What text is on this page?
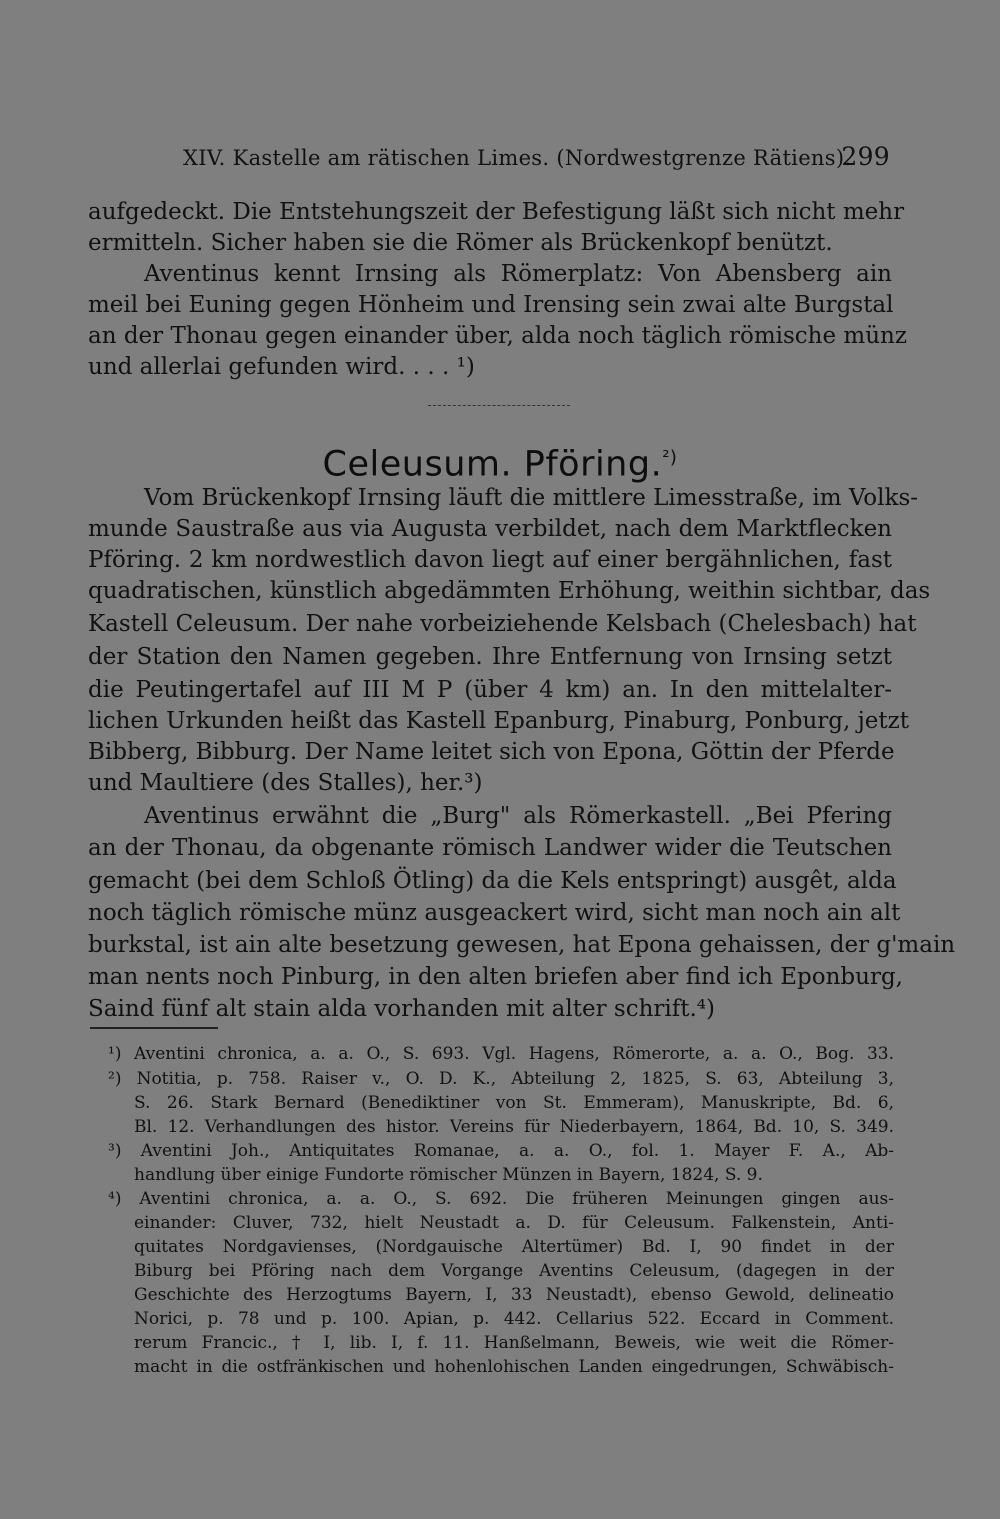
XIV. Kastelle am rätischen Limes. (Nordwestgrenze Rätiens).
299
aufgedeckt. Die Entstehungszeit der Befestigung läßt sich nicht mehr
ermitteln. Sicher haben sie die Römer als Brückenkopf benützt.
Aventinus kennt Irnsing als Römerplatz: Von Abensberg ain
meil bei Euning gegen Hönheim und Irensing sein zwai alte Burgstal
an der Thonau gegen einander über, alda noch täglich römische münz
und allerlai gefunden wird. . . . ¹)
Celeusum. Pföring.$^{^2)}$
Vom Brückenkopf Irnsing läuft die mittlere Limesstraße, im Volks-
munde Saustraße aus via Augusta verbildet, nach dem Marktflecken
Pföring. 2 km nordwestlich davon liegt auf einer bergähnlichen, fast
quadratischen, künstlich abgedämmten Erhöhung, weithin sichtbar, das
Kastell Celeusum. Der nahe vorbeiziehende Kelsbach (Chelesbach) hat
der Station den Namen gegeben. Ihre Entfernung von Irnsing setzt
die Peutingertafel auf III M P (über 4 km) an. In den mittelalter-
lichen Urkunden heißt das Kastell Epanburg, Pinaburg, Ponburg, jetzt
Bibberg, Bibburg. Der Name leitet sich von Epona, Göttin der Pferde
und Maultiere (des Stalles), her.³)
Aventinus erwähnt die „Burg" als Römerkastell. „Bei Pfering
an der Thonau, da obgenante römisch Landwer wider die Teutschen
gemacht (bei dem Schloß Ötling) da die Kels entspringt) ausgêt, alda
noch täglich römische münz ausgeackert wird, sicht man noch ain alt
burkstal, ist ain alte besetzung gewesen, hat Epona gehaissen, der g'main
man nents noch Pinburg, in den alten briefen aber find ich Eponburg,
Saind fünf alt stain alda vorhanden mit alter schrift.⁴)
¹) Aventini chronica, a. a. O., S. 693. Vgl. Hagens, Römerorte, a. a. O., Bog. 33.
²) Notitia, p. 758. Raiser v., O. D. K., Abteilung 2, 1825, S. 63, Abteilung 3,
S. 26. Stark Bernard (Benediktiner von St. Emmeram), Manuskripte, Bd. 6,
Bl. 12. Verhandlungen des histor. Vereins für Niederbayern, 1864, Bd. 10, S. 349.
³) Aventini Joh., Antiquitates Romanae, a. a. O., fol. 1. Mayer F. A., Ab-
handlung über einige Fundorte römischer Münzen in Bayern, 1824, S. 9.
⁴) Aventini chronica, a. a. O., S. 692. Die früheren Meinungen gingen aus-
einander: Cluver, 732, hielt Neustadt a. D. für Celeusum. Falkenstein, Anti-
quitates Nordgavienses, (Nordgauische Altertümer) Bd. I, 90 findet in der
Biburg bei Pföring nach dem Vorgange Aventins Celeusum, (dagegen in der
Geschichte des Herzogtums Bayern, I, 33 Neustadt), ebenso Gewold, delineatio
Norici, p. 78 und p. 100. Apian, p. 442. Cellarius 522. Eccard in Comment.
rerum Francic., † I, lib. I, f. 11. Hanßelmann, Beweis, wie weit die Römer-
macht in die ostfränkischen und hohenlohischen Landen eingedrungen, Schwäbisch-
